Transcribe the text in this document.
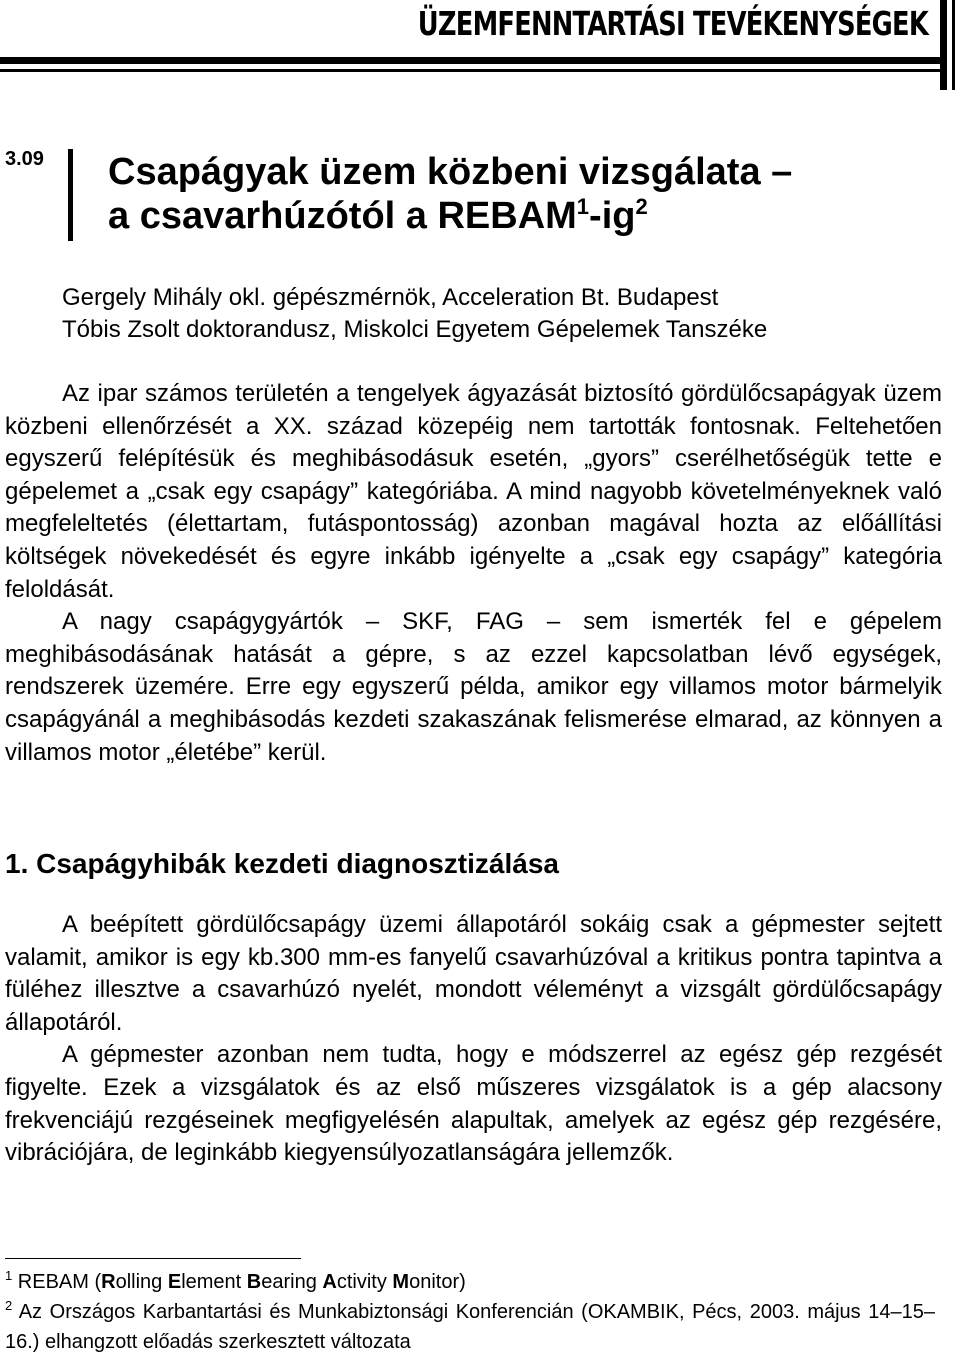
ÜZEMFENNTARTÁSI TEVÉKENYSÉGEK
3.09 Csapágyak üzem közbeni vizsgálata –
a csavarhúzótól a $REBAM^1-ig^2$
Gergely Mihály okl. gépészmérnök, Acceleration Bt. Budapest
Tóbis Zsolt doktorandusz, Miskolci Egyetem Gépelemek Tanszéke

Az ipar számos területén a tengelyek ágyazását biztosító gördülőcsapágyak üzem közbeni ellenőrzését a XX. század közepéig nem tartották fontosnak. Feltehetően egyszerű felépítésük és meghibásodásuk esetén, „gyors” cserélhetőségük tette e gépelemet a „csak egy csapágy” kategóriába. A mind nagyobb követelményeknek való megfeleltetés (élettartam, futáspontosság) azonban magával hozta az előállítási költségek növekedését és egyre inkább igényelte a „csak egy csapágy” kategória feloldását.

A nagy csapágygyártók – SKF, FAG – sem ismerték fel e gépelem meghibásodásának hatását a gépre, s az ezzel kapcsolatban lévő egységek, rendszerek üzemére. Erre egy egyszerű példa, amikor egy villamos motor bármelyik csapágyánál a meghibásodás kezdeti szakaszának felismerése elmarad, az könnyen a villamos motor „életébe” kerül.

1. Csapágyhibák kezdeti diagnosztizálása

A beépített gördülőcsapágy üzemi állapotáról sokáig csak a gépmester sejtett valamit, amikor is egy kb.300 mm-es fanyelű csavarhúzóval a kritikus pontra tapintva a füléhez illesztve a csavarhúzó nyelét, mondott véleményt a vizsgált gördülőcsapágy állapotáról.

A gépmester azonban nem tudta, hogy e módszerrel az egész gép rezgését figyelte. Ezek a vizsgálatok és az első műszeres vizsgálatok is a gép alacsony frekvenciájú rezgéseinek megfigyelésén alapultak, amelyek az egész gép rezgésére, vibrációjára, de leginkább kiegyensúlyozatlanságára jellemzők.

$^1$ REBAM (Rolling Element Bearing Activity Monitor)

$^2$ Az Országos Karbantartási és Munkabiztonsági Konferencián (OKAMBIK, Pécs, 2003. május 14–15–16.) elhangzott előadás szerkesztett változata
